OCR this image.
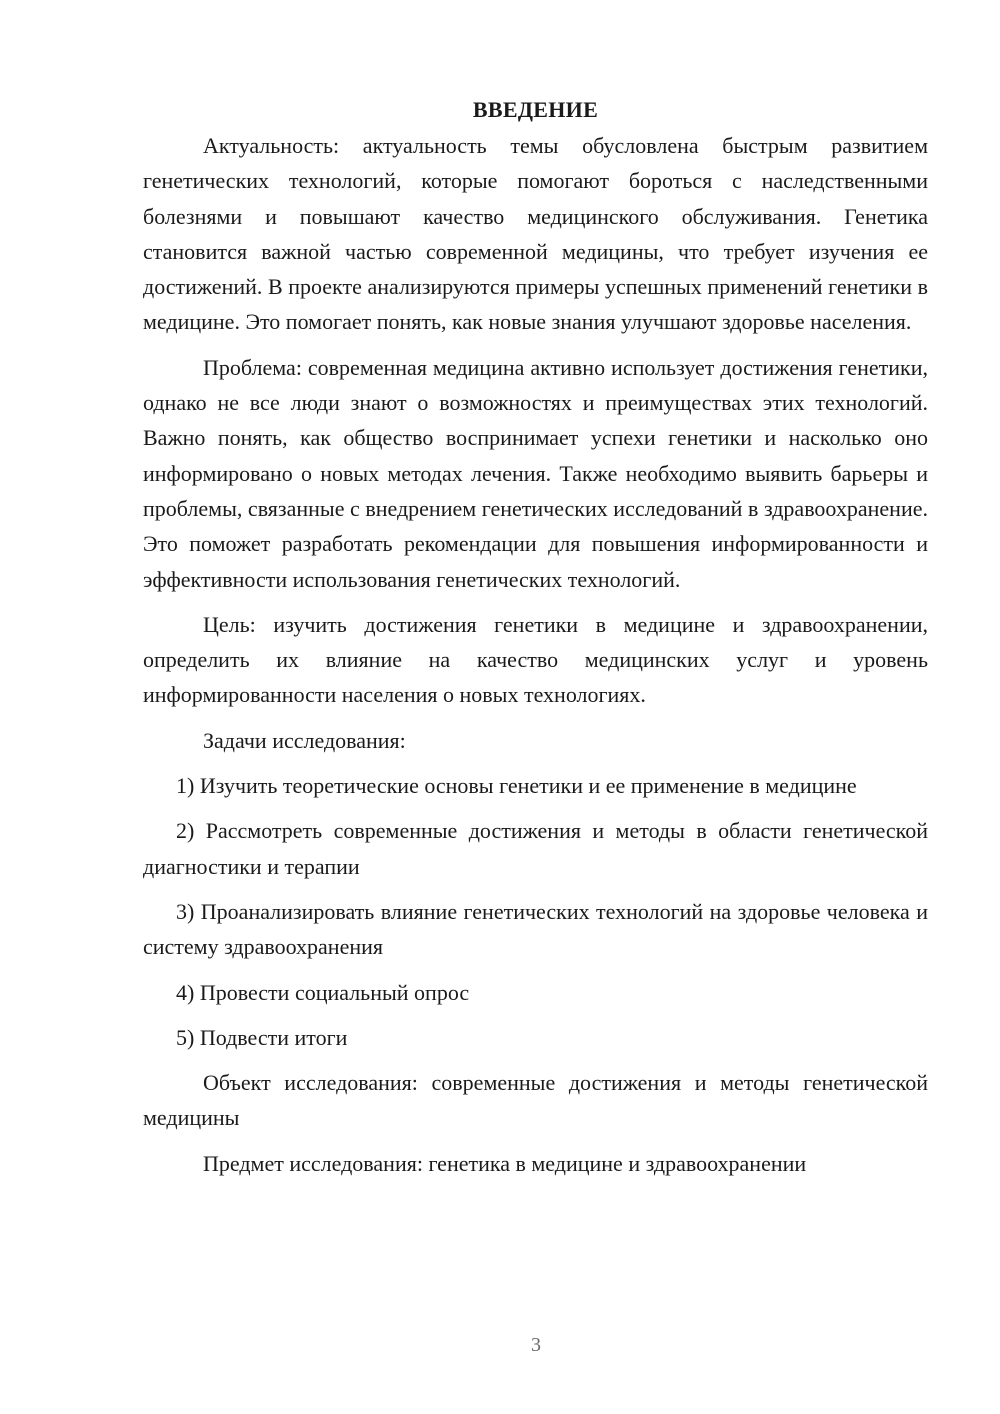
ВВЕДЕНИЕ

Актуальность: актуальность темы обусловлена быстрым развитием генетических технологий, которые помогают бороться с наследственными болезнями и повышают качество медицинского обслуживания. Генетика становится важной частью современной медицины, что требует изучения ее достижений. В проекте анализируются примеры успешных применений генетики в медицине. Это помогает понять, как новые знания улучшают здоровье населения.

Проблема: современная медицина активно использует достижения генетики, однако не все люди знают о возможностях и преимуществах этих технологий. Важно понять, как общество воспринимает успехи генетики и насколько оно информировано о новых методах лечения. Также необходимо выявить барьеры и проблемы, связанные с внедрением генетических исследований в здравоохранение. Это поможет разработать рекомендации для повышения информированности и эффективности использования генетических технологий.

Цель: изучить достижения генетики в медицине и здравоохранении, определить их влияние на качество медицинских услуг и уровень информированности населения о новых технологиях.

Задачи исследования:

1) Изучить теоретические основы генетики и ее применение в медицине

2) Рассмотреть современные достижения и методы в области генетической диагностики и терапии

3) Проанализировать влияние генетических технологий на здоровье человека и систему здравоохранения

4) Провести социальный опрос

5) Подвести итоги

Объект исследования: современные достижения и методы генетической медицины

Предмет исследования: генетика в медицине и здравоохранении

3
